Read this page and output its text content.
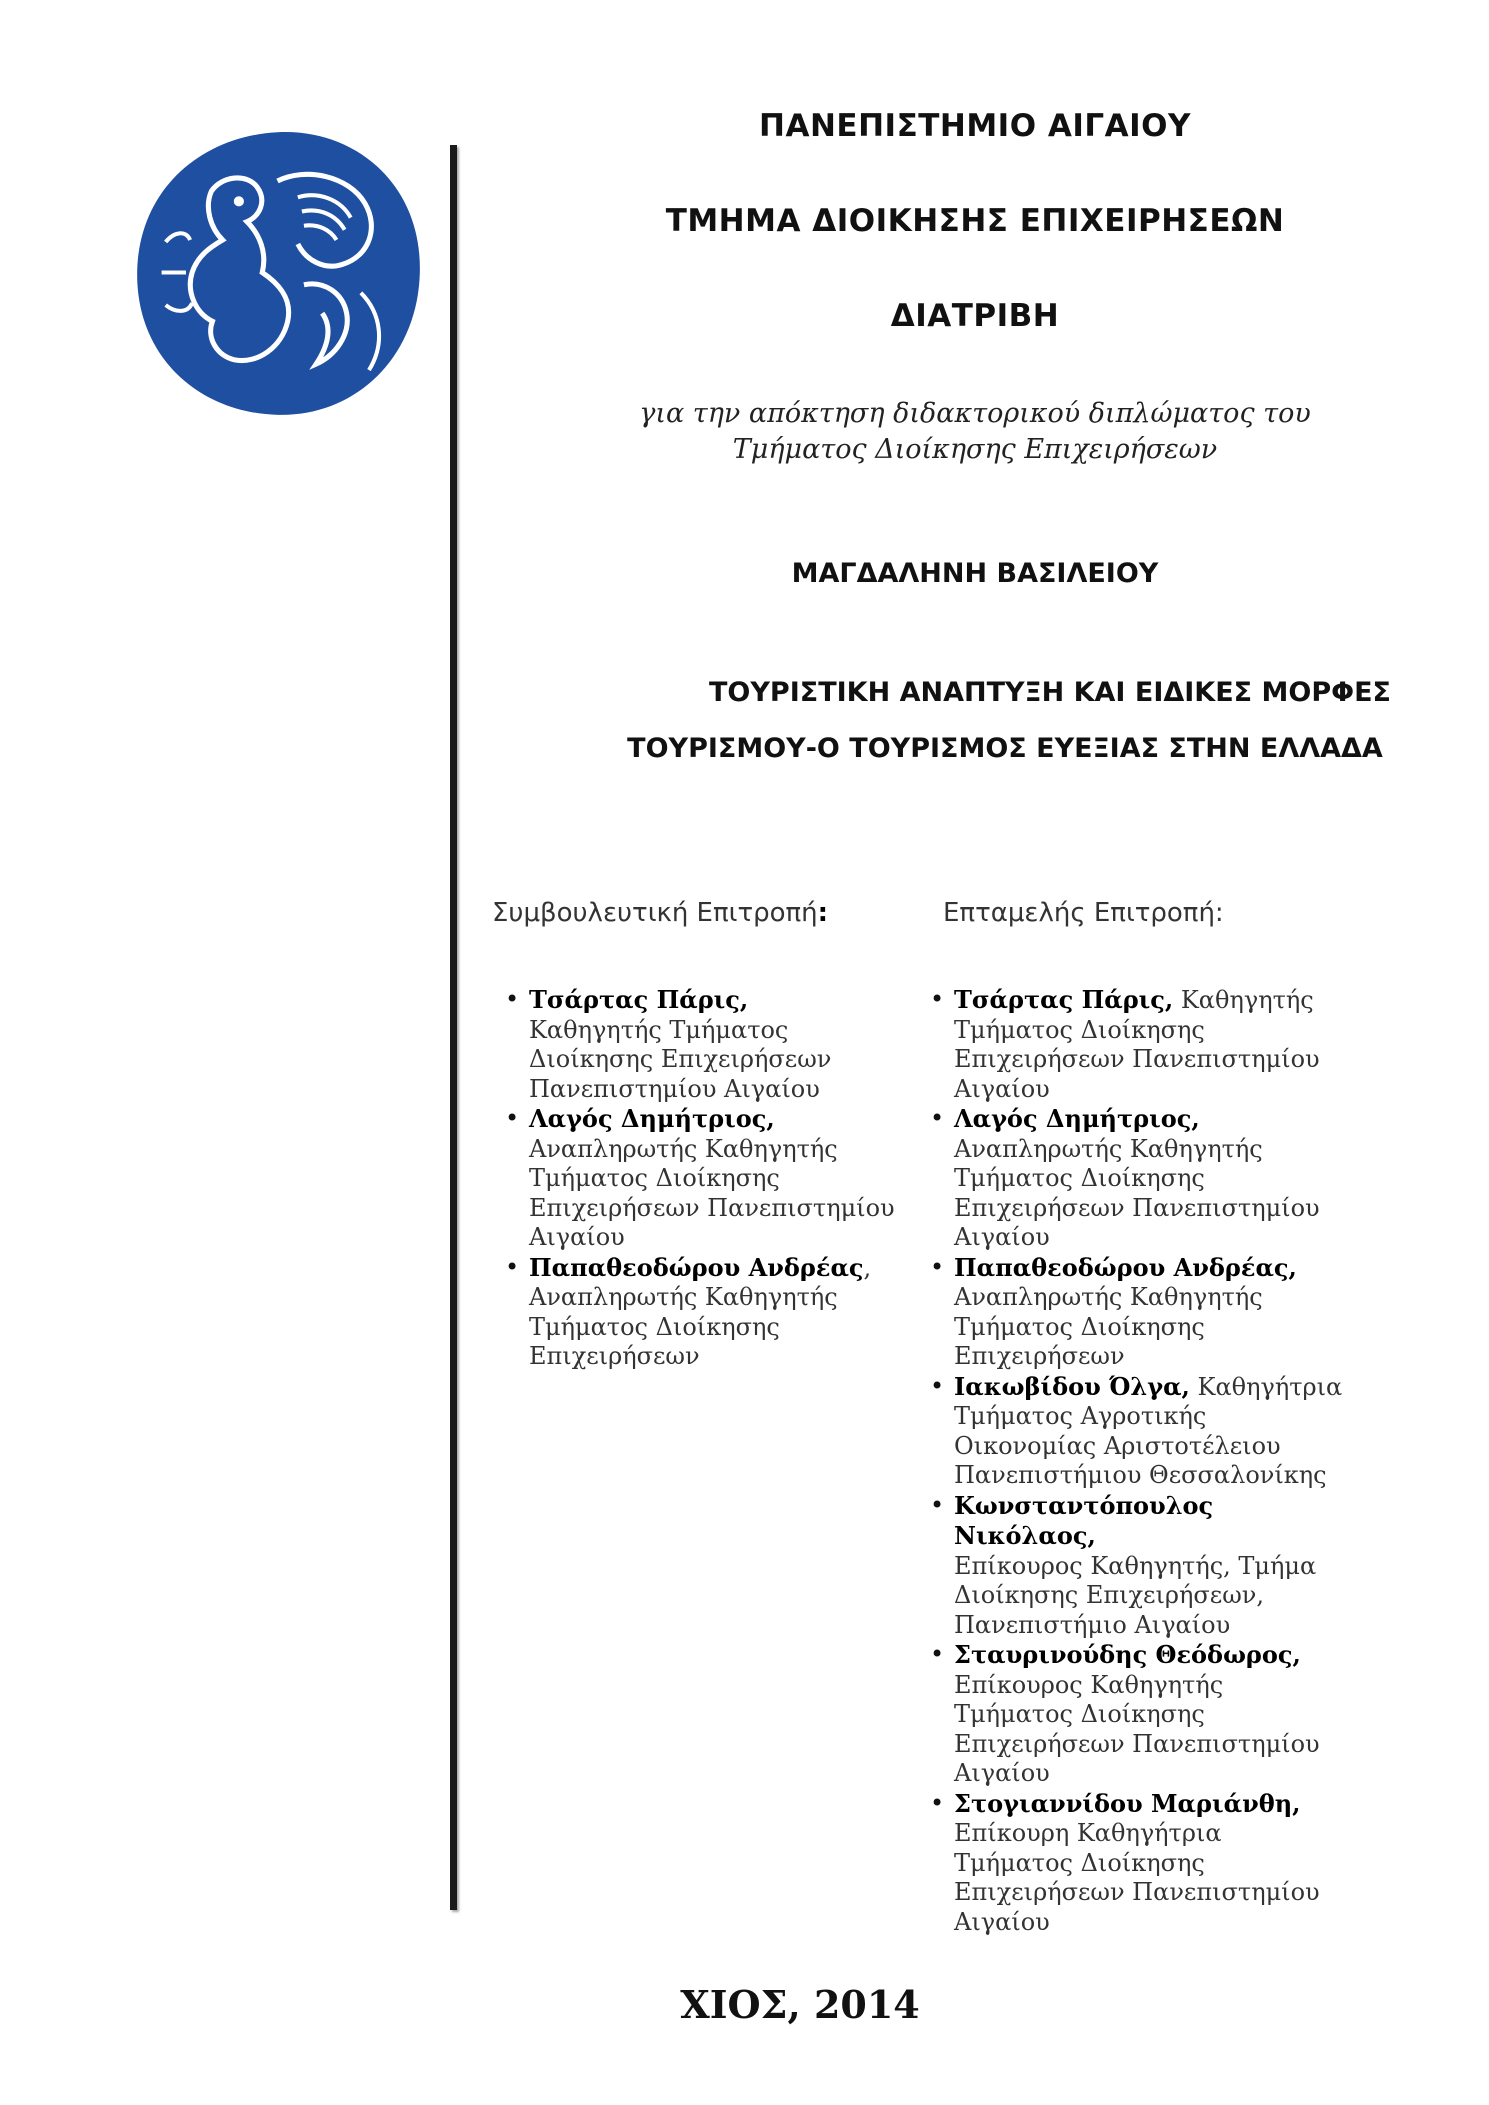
ΠΑΝΕΠΙΣΤΗΜΙΟ ΑΙΓΑΙΟΥ
ΤΜΗΜΑ ΔΙΟΙΚΗΣΗΣ ΕΠΙΧΕΙΡΗΣΕΩΝ
ΔΙΑΤΡΙΒΗ
για την απόκτηση διδακτορικού διπλώματος του
Τμήματος Διοίκησης Επιχειρήσεων
ΜΑΓΔΑΛΗΝΗ ΒΑΣΙΛΕΙΟΥ
ΤΟΥΡΙΣΤΙΚΗ ΑΝΑΠΤΥΞΗ ΚΑΙ ΕΙΔΙΚΕΣ ΜΟΡΦΕΣ
ΤΟΥΡΙΣΜΟΥ-Ο ΤΟΥΡΙΣΜΟΣ ΕΥΕΞΙΑΣ ΣΤΗΝ ΕΛΛΑΔΑ
Συμβουλευτική Επιτροπή:
• Τσάρτας Πάρις,
Καθηγητής Τμήματος
Διοίκησης Επιχειρήσεων
Πανεπιστημίου Αιγαίου
• Λαγός Δημήτριος,
Αναπληρωτής Καθηγητής
Τμήματος Διοίκησης
Επιχειρήσεων Πανεπιστημίου
Αιγαίου
• Παπαθεοδώρου Ανδρέας,
Αναπληρωτής Καθηγητής
Τμήματος Διοίκησης
Επιχειρήσεων
Επταμελής Επιτροπή:
• Τσάρτας Πάρις, Καθηγητής
Τμήματος Διοίκησης
Επιχειρήσεων Πανεπιστημίου
Αιγαίου
• Λαγός Δημήτριος,
Αναπληρωτής Καθηγητής
Τμήματος Διοίκησης
Επιχειρήσεων Πανεπιστημίου
Αιγαίου
• Παπαθεοδώρου Ανδρέας,
Αναπληρωτής Καθηγητής
Τμήματος Διοίκησης
Επιχειρήσεων
• Ιακωβίδου Όλγα, Καθηγήτρια
Τμήματος Αγροτικής
Οικονομίας Αριστοτέλειου
Πανεπιστήμιου Θεσσαλονίκης
• Κωνσταντόπουλος Νικόλαος,
Επίκουρος Καθηγητής, Τμήμα
Διοίκησης Επιχειρήσεων,
Πανεπιστήμιο Αιγαίου
• Σταυρινούδης Θεόδωρος,
Επίκουρος Καθηγητής
Τμήματος Διοίκησης
Επιχειρήσεων Πανεπιστημίου
Αιγαίου
• Στογιαννίδου Μαριάνθη,
Επίκουρη Καθηγήτρια
Τμήματος Διοίκησης
Επιχειρήσεων Πανεπιστημίου
Αιγαίου
ΧΙΟΣ, 2014
